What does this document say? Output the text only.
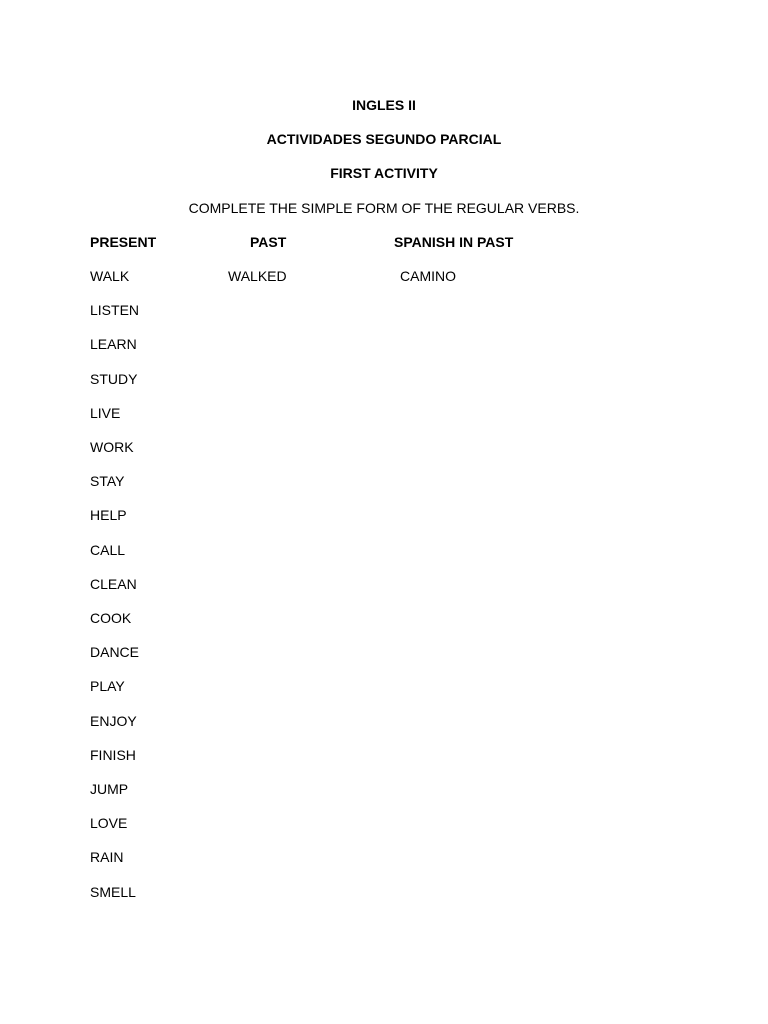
INGLES II
ACTIVIDADES SEGUNDO PARCIAL
FIRST ACTIVITY
COMPLETE THE SIMPLE FORM OF THE REGULAR VERBS.
PRESENT	PAST	SPANISH IN PAST
WALK	WALKED	CAMINO
LISTEN
LEARN
STUDY
LIVE
WORK
STAY
HELP
CALL
CLEAN
COOK
DANCE
PLAY
ENJOY
FINISH
JUMP
LOVE
RAIN
SMELL
